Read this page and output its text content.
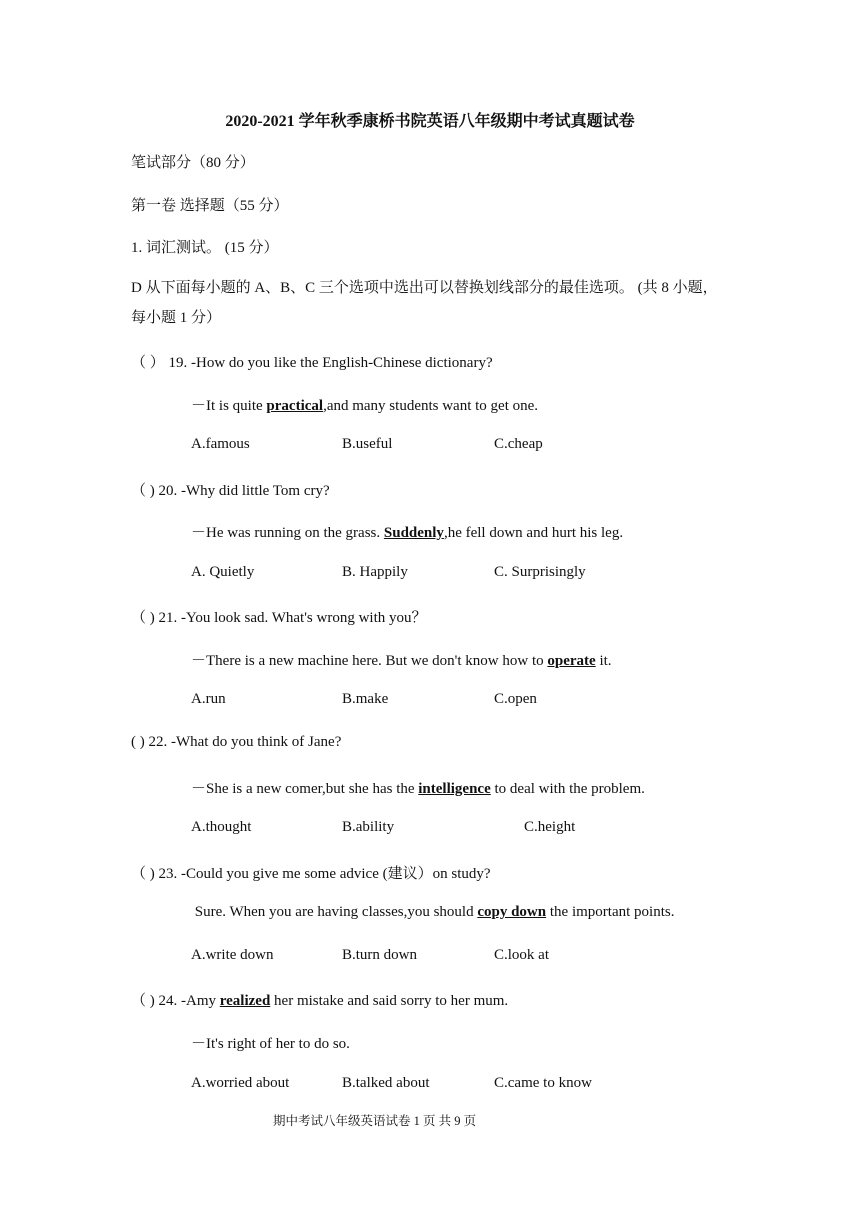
2020-2021 学年秋季康桥书院英语八年级期中考试真题试卷
笔试部分（80 分）
第一卷 选择题（55 分）
1. 词汇测试。 (15 分）
D 从下面每小题的 A、B、C 三个选项中选出可以替换划线部分的最佳选项。 (共 8 小题，每小题 1 分）
（ ） 19. -How do you like the English-Chinese dictionary?
－It is quite practical,and many students want to get one.
A.famous	B.useful	C.cheap
（ ) 20. -Why did little Tom cry?
－He was running on the grass. Suddenly,he fell down and hurt his leg.
A. Quietly	B. Happily	C. Surprisingly
（ ) 21. -You look sad. What's wrong with you？
－There is a new machine here. But we don't know how to operate it.
A.run	B.make	C.open
( ) 22. -What do you think of Jane?
－She is a new comer,but she has the intelligence to deal with the problem.
A.thought	B.ability	C.height
（ ) 23. -Could you give me some advice (建议）on study?
Sure. When you are having classes,you should copy down the important points.
A.write down	B.turn down	C.look at
（ ) 24. -Amy realized her mistake and said sorry to her mum.
－It's right of her to do so.
A.worried about	B.talked about	C.came to know
期中考试八年级英语试卷 1 页 共 9 页
